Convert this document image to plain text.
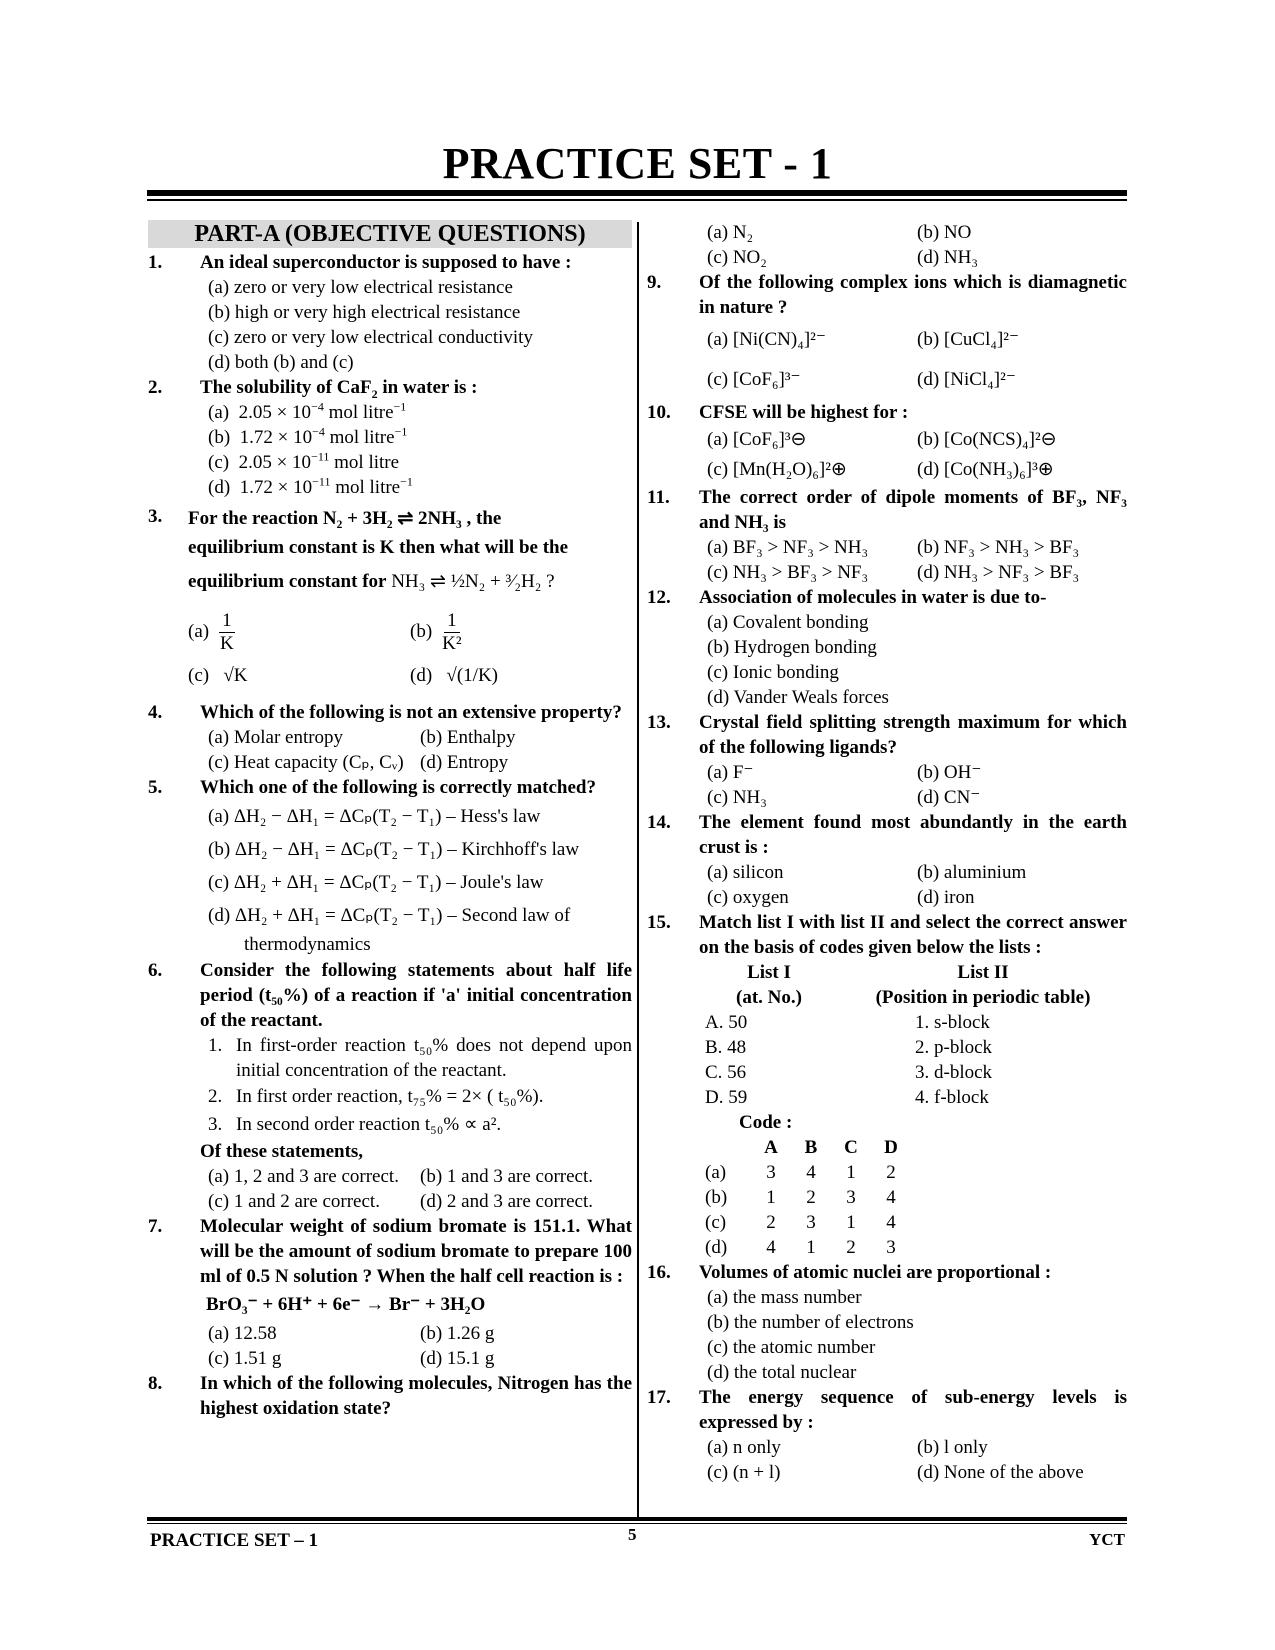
PRACTICE SET - 1
PART-A (OBJECTIVE QUESTIONS)
1.	An ideal superconductor is supposed to have :
(a) zero or very low electrical resistance
(b) high or very high electrical resistance
(c) zero or very low electrical conductivity
(d) both (b) and (c)
2.	The solubility of CaF$_2$ in water is :
(a) $2.05 \times 10^{-4}$ mol litre$^{-1}$
(b) $1.72 \times 10^{-4}$ mol litre$^{-1}$
(c) $2.05 \times 10^{-11}$ mol litre
(d) $1.72 \times 10^{-11}$ mol litre$^{-1}$
3.	For the reaction N₂ + 3H₂ ⇌ 2NH₃ , the
equilibrium constant is K then what will be the
equilibrium constant for NH₃ ⇌ ½N₂ + ³⁄₂H₂ ?
$(a) \frac{1}{K}$	$(b) \frac{1}{\text{K²}}$
(c) √K	(d) √(1/K)
4.	Which of the following is not an extensive property?
(a) Molar entropy	(b) Enthalpy
(c) Heat capacity (Cₚ, Cᵥ) (d) Entropy
5.	Which one of the following is correctly matched?
(a) ΔH₂ − ΔH₁ = ΔCₚ(T₂ − T₁) – Hess's law
(b) ΔH₂ − ΔH₁ = ΔCₚ(T₂ − T₁) – Kirchhoff's law
(c) ΔH₂ + ΔH₁ = ΔCₚ(T₂ − T₁) – Joule's law
(d) ΔH₂ + ΔH₁ = ΔCₚ(T₂ − T₁) – Second law of
thermodynamics
6.	Consider the following statements about half life period (t₅₀%) of a reaction if 'a' initial concentration of the reactant.
1. In first-order reaction t₅₀% does not depend upon initial concentration of the reactant.
2. In first order reaction, t₇₅% = 2× ( t₅₀%).
3. In second order reaction t₅₀% ∝ a².
Of these statements,
(a) 1, 2 and 3 are correct.	(b) 1 and 3 are correct.
(c) 1 and 2 are correct.	(d) 2 and 3 are correct.
7.	Molecular weight of sodium bromate is 151.1. What will be the amount of sodium bromate to prepare 100 ml of 0.5 N solution ? When the half cell reaction is :
BrO₃⁻ + 6H⁺ + 6e⁻ → Br⁻ + 3H₂O
(a) 12.58	(b) 1.26 g
(c) 1.51 g	(d) 15.1 g
8.	In which of the following molecules, Nitrogen has the highest oxidation state?
(a) N₂	(b) NO
(c) NO₂	(d) NH₃
9.	Of the following complex ions which is diamagnetic in nature ?
(a) [Ni(CN)₄]²⁻	(b) [CuCl₄]²⁻
(c) [CoF₆]³⁻	(d) [NiCl₄]²⁻
10.	CFSE will be highest for :
(a) [CoF₆]³⊖	(b) [Co(NCS)₄]²⊖
(c) [Mn(H₂O)₆]²⊕	(d) [Co(NH₃)₆]³⊕
11.	The correct order of dipole moments of BF₃, NF₃ and NH₃ is
(a) BF₃ > NF₃ > NH₃	(b) NF₃ > NH₃ > BF₃
(c) NH₃ > BF₃ > NF₃	(d) NH₃ > NF₃ > BF₃
12.	Association of molecules in water is due to-
(a) Covalent bonding
(b) Hydrogen bonding
(c) Ionic bonding
(d) Vander Weals forces
13.	Crystal field splitting strength maximum for which of the following ligands?
(a) F⁻	(b) OH⁻
(c) NH₃	(d) CN⁻
14.	The element found most abundantly in the earth crust is :
(a) silicon	(b) aluminium
(c) oxygen	(d) iron
15.	Match list I with list II and select the correct answer on the basis of codes given below the lists :
List I	List II
(at. No.)	(Position in periodic table)
A. 50	1. s-block
B. 48	2. p-block
C. 56	3. d-block
D. 59	4. f-block
Code :
A	B	C	D
(a)	3	4	1	2
(b)	1	2	3	4
(c)	2	3	1	4
(d)	4	1	2	3
16.	Volumes of atomic nuclei are proportional :
(a) the mass number
(b) the number of electrons
(c) the atomic number
(d) the total nuclear
17.	The energy sequence of sub-energy levels is expressed by :
(a) n only	(b) l only
(c) (n + l)	(d) None of the above
PRACTICE SET – 1	5	YCT
